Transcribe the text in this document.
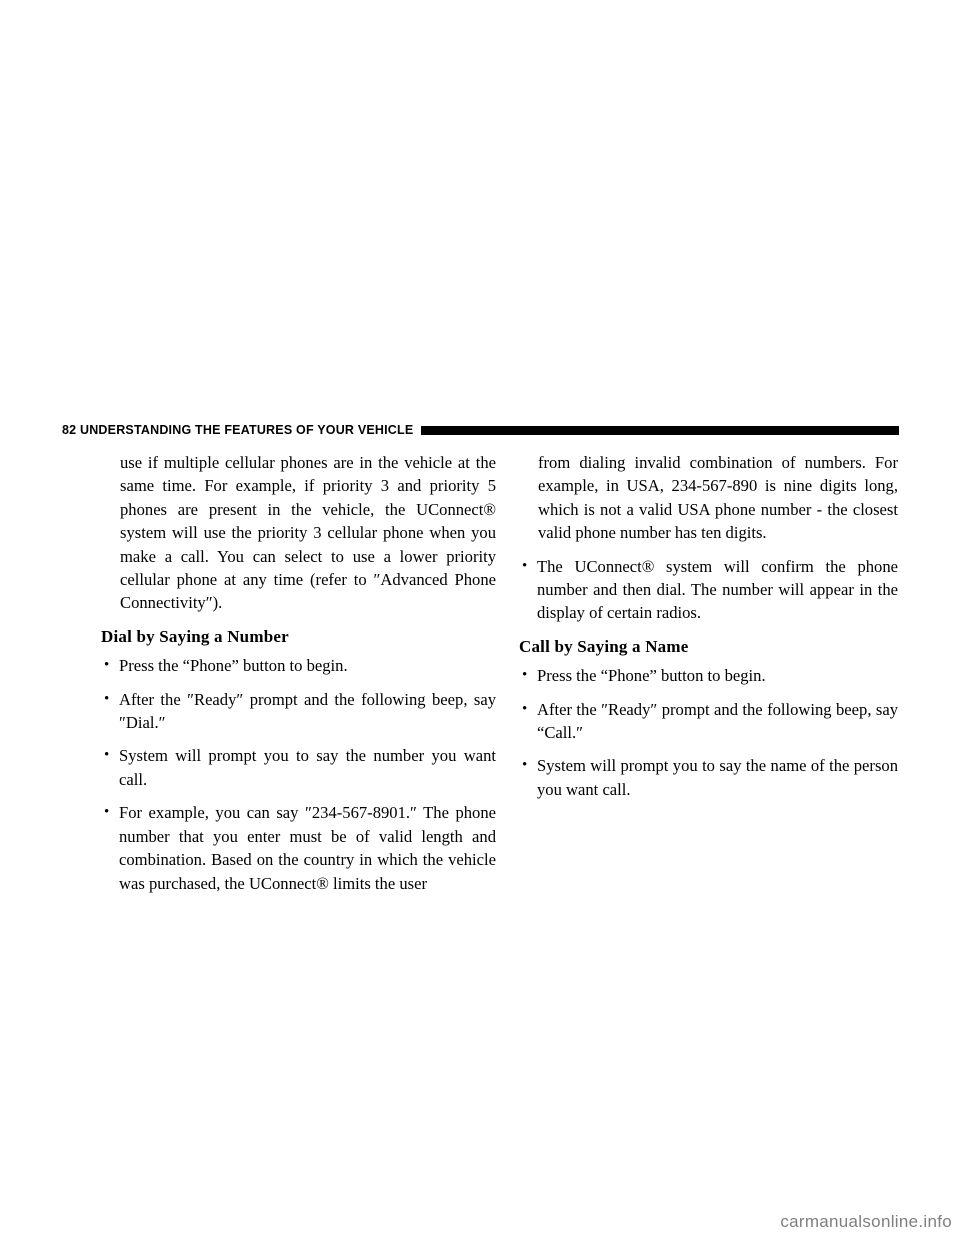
82 UNDERSTANDING THE FEATURES OF YOUR VEHICLE

use if multiple cellular phones are in the vehicle at the same time. For example, if priority 3 and priority 5 phones are present in the vehicle, the UConnect® system will use the priority 3 cellular phone when you make a call. You can select to use a lower priority cellular phone at any time (refer to ″Advanced Phone Connectivity″).

Dial by Saying a Number
• Press the “Phone” button to begin.
• After the ″Ready″ prompt and the following beep, say ″Dial.″
• System will prompt you to say the number you want call.
• For example, you can say ″234-567-8901.″ The phone number that you enter must be of valid length and combination. Based on the country in which the vehicle was purchased, the UConnect® limits the user

from dialing invalid combination of numbers. For example, in USA, 234-567-890 is nine digits long, which is not a valid USA phone number - the closest valid phone number has ten digits.

• The UConnect® system will confirm the phone number and then dial. The number will appear in the display of certain radios.
Call by Saying a Name
• Press the “Phone” button to begin.
• After the ″Ready″ prompt and the following beep, say “Call.″
• System will prompt you to say the name of the person you want call.
carmanualsonline.info
